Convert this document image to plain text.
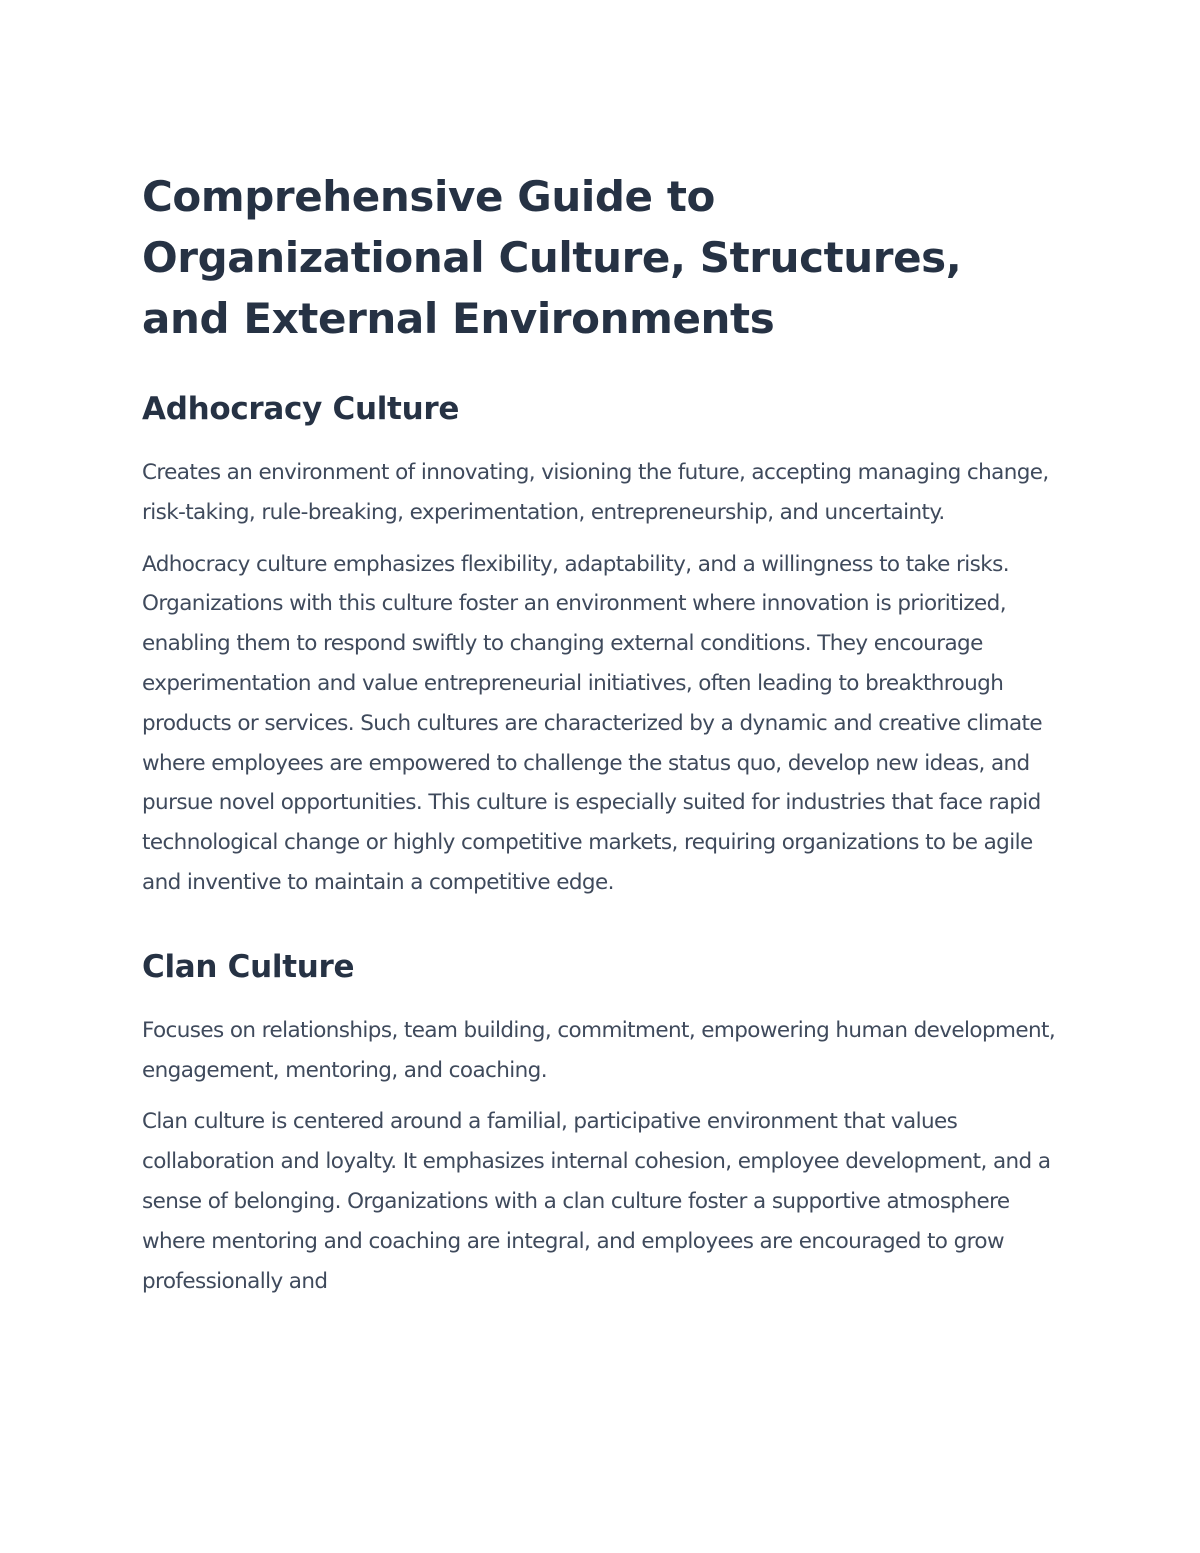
Comprehensive Guide to Organizational Culture, Structures, and External Environments
Adhocracy Culture

Creates an environment of innovating, visioning the future, accepting managing change, risk-taking, rule-breaking, experimentation, entrepreneurship, and uncertainty.

Adhocracy culture emphasizes flexibility, adaptability, and a willingness to take risks. Organizations with this culture foster an environment where innovation is prioritized, enabling them to respond swiftly to changing external conditions. They encourage experimentation and value entrepreneurial initiatives, often leading to breakthrough products or services. Such cultures are characterized by a dynamic and creative climate where employees are empowered to challenge the status quo, develop new ideas, and pursue novel opportunities. This culture is especially suited for industries that face rapid technological change or highly competitive markets, requiring organizations to be agile and inventive to maintain a competitive edge.

Clan Culture

Focuses on relationships, team building, commitment, empowering human development, engagement, mentoring, and coaching.

Clan culture is centered around a familial, participative environment that values collaboration and loyalty. It emphasizes internal cohesion, employee development, and a sense of belonging. Organizations with a clan culture foster a supportive atmosphere where mentoring and coaching are integral, and employees are encouraged to grow professionally and
